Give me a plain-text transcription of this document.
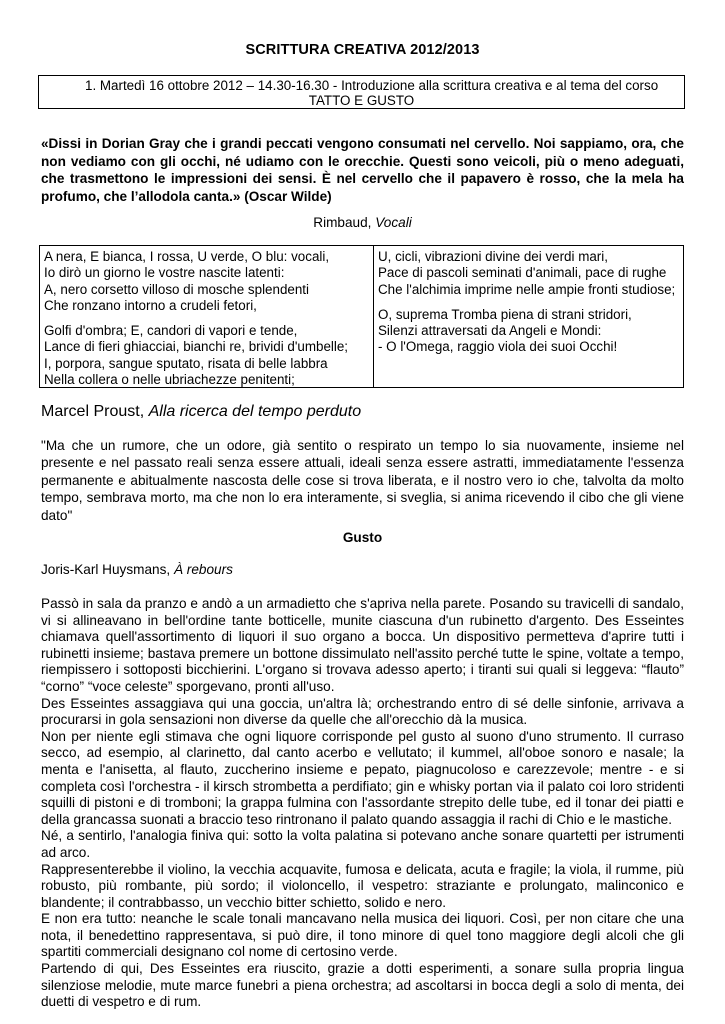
SCRITTURA CREATIVA 2012/2013
1. Martedì 16 ottobre 2012 – 14.30-16.30 - Introduzione alla scrittura creativa e al tema del corso
TATTO E GUSTO
«Dissi in Dorian Gray che i grandi peccati vengono consumati nel cervello. Noi sappiamo, ora, che non vediamo con gli occhi, né udiamo con le orecchie. Questi sono veicoli, più o meno adeguati, che trasmettono le impressioni dei sensi. È nel cervello che il papavero è rosso, che la mela ha profumo, che l’allodola canta.» (Oscar Wilde)
Rimbaud, Vocali
A nera, E bianca, I rossa, U verde, O blu: vocali,
Io dirò un giorno le vostre nascite latenti:
A, nero corsetto villoso di mosche splendenti
Che ronzano intorno a crudeli fetori,
Golfi d'ombra; E, candori di vapori e tende,
Lance di fieri ghiacciai, bianchi re, brividi d'umbelle;
I, porpora, sangue sputato, risata di belle labbra
Nella collera o nelle ubriachezze penitenti;
U, cicli, vibrazioni divine dei verdi mari,
Pace di pascoli seminati d'animali, pace di rughe
Che l'alchimia imprime nelle ampie fronti studiose;
O, suprema Tromba piena di strani stridori,
Silenzi attraversati da Angeli e Mondi:
- O l'Omega, raggio viola dei suoi Occhi!
Marcel Proust, Alla ricerca del tempo perduto
"Ma che un rumore, che un odore, già sentito o respirato un tempo lo sia nuovamente, insieme nel presente e nel passato reali senza essere attuali, ideali senza essere astratti, immediatamente l'essenza permanente e abitualmente nascosta delle cose si trova liberata, e il nostro vero io che, talvolta da molto tempo, sembrava morto, ma che non lo era interamente, si sveglia, si anima ricevendo il cibo che gli viene dato"
Gusto
Joris-Karl Huysmans, À rebours
Passò in sala da pranzo e andò a un armadietto che s'apriva nella parete. Posando su travicelli di sandalo, vi si allineavano in bell'ordine tante botticelle, munite ciascuna d'un rubinetto d'argento. Des Esseintes chiamava quell'assortimento di liquori il suo organo a bocca. Un dispositivo permetteva d'aprire tutti i rubinetti insieme; bastava premere un bottone dissimulato nell'assito perché tutte le spine, voltate a tempo, riempissero i sottoposti bicchierini. L'organo si trovava adesso aperto; i tiranti sui quali si leggeva: “flauto” “corno” “voce celeste” sporgevano, pronti all'uso.
Des Esseintes assaggiava qui una goccia, un'altra là; orchestrando entro di sé delle sinfonie, arrivava a procurarsi in gola sensazioni non diverse da quelle che all'orecchio dà la musica.
Non per niente egli stimava che ogni liquore corrisponde pel gusto al suono d'uno strumento. Il curraso secco, ad esempio, al clarinetto, dal canto acerbo e vellutato; il kummel, all'oboe sonoro e nasale; la menta e l'anisetta, al flauto, zuccherino insieme e pepato, piagnucoloso e carezzevole; mentre - e si completa così l'orchestra - il kirsch strombetta a perdifiato; gin e whisky portan via il palato coi loro stridenti squilli di pistoni e di tromboni; la grappa fulmina con l'assordante strepito delle tube, ed il tonar dei piatti e della grancassa suonati a braccio teso rintronano il palato quando assaggia il rachi di Chio e le mastiche.
Né, a sentirlo, l'analogia finiva qui: sotto la volta palatina si potevano anche sonare quartetti per istrumenti ad arco.
Rappresenterebbe il violino, la vecchia acquavite, fumosa e delicata, acuta e fragile; la viola, il rumme, più robusto, più rombante, più sordo; il violoncello, il vespetro: straziante e prolungato, malinconico e blandente; il contrabbasso, un vecchio bitter schietto, solido e nero.
E non era tutto: neanche le scale tonali mancavano nella musica dei liquori. Così, per non citare che una nota, il benedettino rappresentava, si può dire, il tono minore di quel tono maggiore degli alcoli che gli spartiti commerciali designano col nome di certosino verde.
Partendo di qui, Des Esseintes era riuscito, grazie a dotti esperimenti, a sonare sulla propria lingua silenziose melodie, mute marce funebri a piena orchestra; ad ascoltarsi in bocca degli a solo di menta, dei duetti di vespetro e di rum.
